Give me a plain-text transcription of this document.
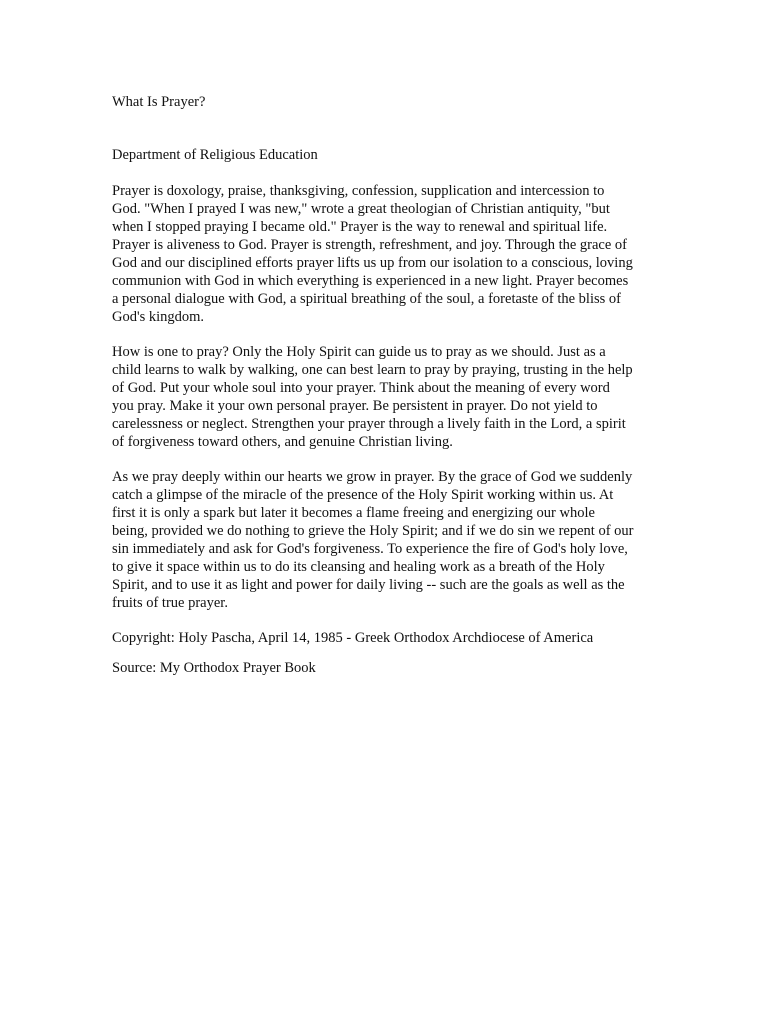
What Is Prayer?

Department of Religious Education

Prayer is doxology, praise, thanksgiving, confession, supplication and intercession to
God. "When I prayed I was new," wrote a great theologian of Christian antiquity, "but
when I stopped praying I became old." Prayer is the way to renewal and spiritual life.
Prayer is aliveness to God. Prayer is strength, refreshment, and joy. Through the grace of
God and our disciplined efforts prayer lifts us up from our isolation to a conscious, loving
communion with God in which everything is experienced in a new light. Prayer becomes
a personal dialogue with God, a spiritual breathing of the soul, a foretaste of the bliss of
God's kingdom.

How is one to pray? Only the Holy Spirit can guide us to pray as we should. Just as a
child learns to walk by walking, one can best learn to pray by praying, trusting in the help
of God. Put your whole soul into your prayer. Think about the meaning of every word
you pray. Make it your own personal prayer. Be persistent in prayer. Do not yield to
carelessness or neglect. Strengthen your prayer through a lively faith in the Lord, a spirit
of forgiveness toward others, and genuine Christian living.

As we pray deeply within our hearts we grow in prayer. By the grace of God we suddenly
catch a glimpse of the miracle of the presence of the Holy Spirit working within us. At
first it is only a spark but later it becomes a flame freeing and energizing our whole
being, provided we do nothing to grieve the Holy Spirit; and if we do sin we repent of our
sin immediately and ask for God's forgiveness. To experience the fire of God's holy love,
to give it space within us to do its cleansing and healing work as a breath of the Holy
Spirit, and to use it as light and power for daily living -- such are the goals as well as the
fruits of true prayer.

Copyright: Holy Pascha, April 14, 1985 - Greek Orthodox Archdiocese of America

Source: My Orthodox Prayer Book
